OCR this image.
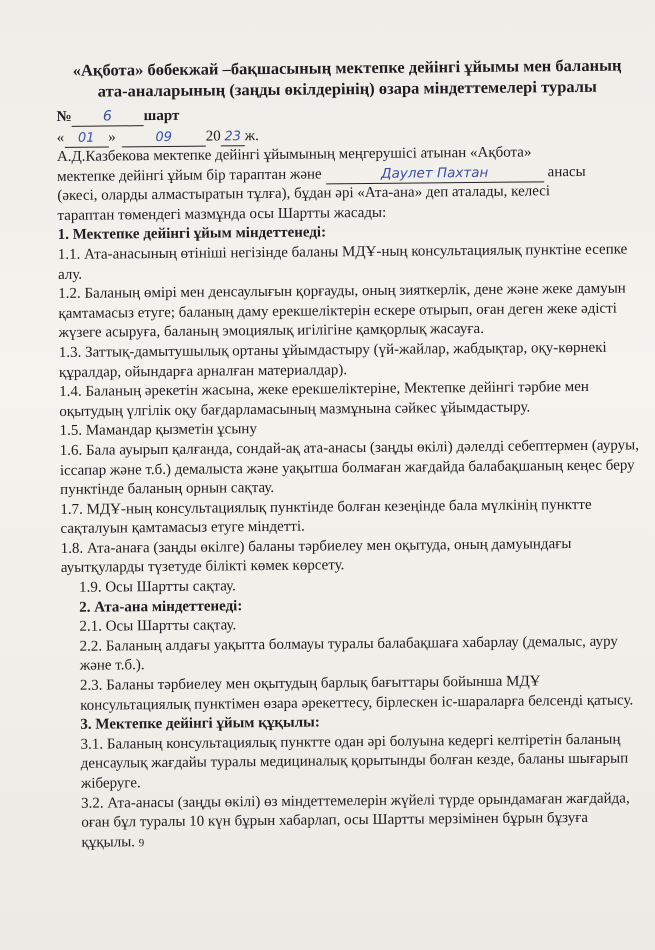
«Ақбота» бөбекжай –бақшасының мектепке дейінгі ұйымы мен баланың
ата-аналарының (заңды өкілдерінің) өзара міндеттемелері туралы
№	6	шарт
«	01 »	09	20 23 ж.

А.Д.Казбекова мектепке дейінгі ұйымының меңгерушісі атынан «Ақбота»

мектепке дейінгі ұйым бір тараптан және	Даулет Пахтан	анасы

(әкесі, оларды алмастыратын тұлға), бұдан әрі «Ата-ана» деп аталады, келесі

тараптан төмендегі мазмұнда осы Шартты жасады:

1. Мектепке дейінгі ұйым міндеттенеді:

1.1. Ата-анасының өтініші негізінде баланы МДҰ-ның консультациялық пунктіне есепке алу.

1.2. Баланың өмірі мен денсаулығын қорғауды, оның зияткерлік, дене және жеке дамуын қамтамасыз етуге; баланың даму ерекшеліктерін ескере отырып, оған деген жеке әдісті жүзеге асыруға, баланың эмоциялық игілігіне қамқорлық жасауға.

1.3. Заттық-дамытушылық ортаны ұйымдастыру (үй-жайлар, жабдықтар, оқу-көрнекі құралдар, ойындарға арналған материалдар).

1.4. Баланың әрекетін жасына, жеке ерекшеліктеріне, Мектепке дейінгі тәрбие мен оқытудың үлгілік оқу бағдарламасының мазмұнына сәйкес ұйымдастыру.

1.5. Мамандар қызметін ұсыну

1.6. Бала ауырып қалғанда, сондай-ақ ата-анасы (заңды өкілі) дәлелді себептермен (ауруы, іссапар және т.б.) демалыста және уақытша болмаған жағдайда балабақшаның кеңес беру пунктінде баланың орнын сақтау.

1.7. МДҰ-ның консультациялық пунктінде болған кезеңінде бала мүлкінің пунктте сақталуын қамтамасыз етуге міндетті.

1.8. Ата-анаға (заңды өкілге) баланы тәрбиелеу мен оқытуда, оның дамуындағы ауытқуларды түзетуде білікті көмек көрсету.

1.9. Осы Шартты сақтау.

2. Ата-ана міндеттенеді:

2.1. Осы Шартты сақтау.

2.2. Баланың алдағы уақытта болмауы туралы балабақшаға хабарлау (демалыс, ауру және т.б.).

2.3. Баланы тәрбиелеу мен оқытудың барлық бағыттары бойынша МДҰ консультациялық пунктімен өзара әрекеттесу, бірлескен іс-шараларға белсенді қатысу.

3. Мектепке дейінгі ұйым құқылы:

3.1. Баланың консультациялық пунктте одан әрі болуына кедергі келтіретін баланың денсаулық жағдайы туралы медициналық қорытынды болған кезде, баланы шығарып жіберуге.

3.2. Ата-анасы (заңды өкілі) өз міндеттемелерін жүйелі түрде орындамаған жағдайда, оған бұл туралы 10 күн бұрын хабарлап, осы Шартты мерзімінен бұрын бұзуға құқылы. 9
